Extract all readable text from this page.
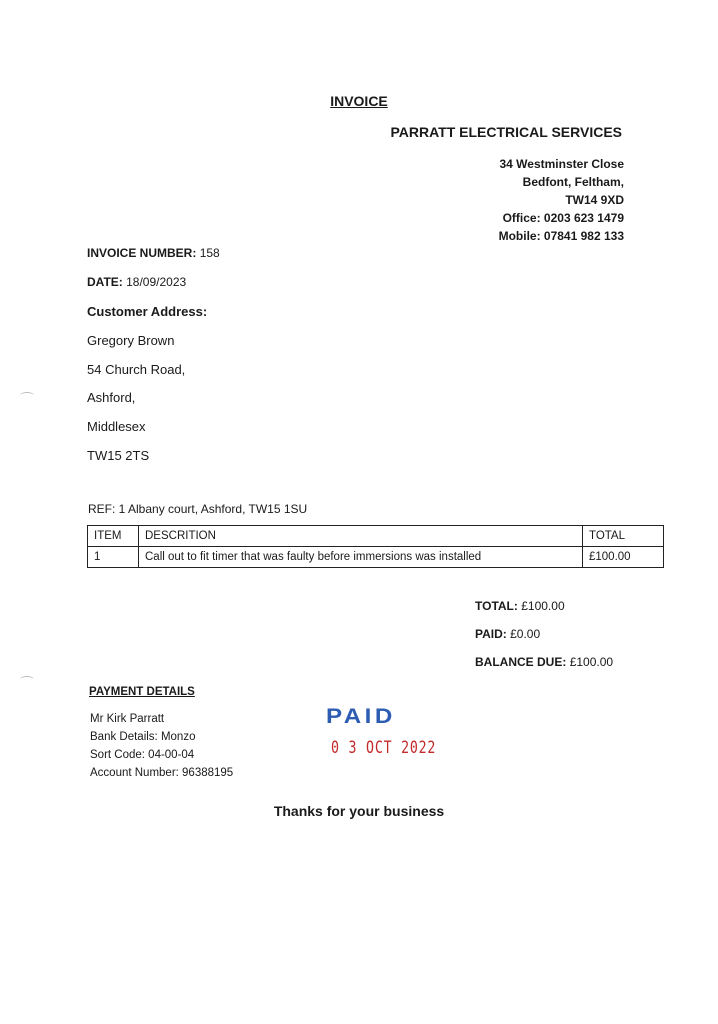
INVOICE
PARRATT ELECTRICAL SERVICES
34 Westminster Close
Bedfont, Feltham,
TW14 9XD
Office: 0203 623 1479
Mobile: 07841 982 133
INVOICE NUMBER: 158
DATE: 18/09/2023
Customer Address:
Gregory Brown
54 Church Road,
Ashford,
Middlesex
TW15 2TS
REF: 1 Albany court, Ashford, TW15 1SU
ITEM	DESCRITION	TOTAL
1	Call out to fit timer that was faulty before immersions was installed	£100.00
TOTAL: £100.00
PAID: £0.00
BALANCE DUE: £100.00
PAYMENT DETAILS
Mr Kirk Parratt
Bank Details: Monzo
Sort Code: 04-00-04
Account Number: 96388195
PAID
0 3 OCT 2022
Thanks for your business
